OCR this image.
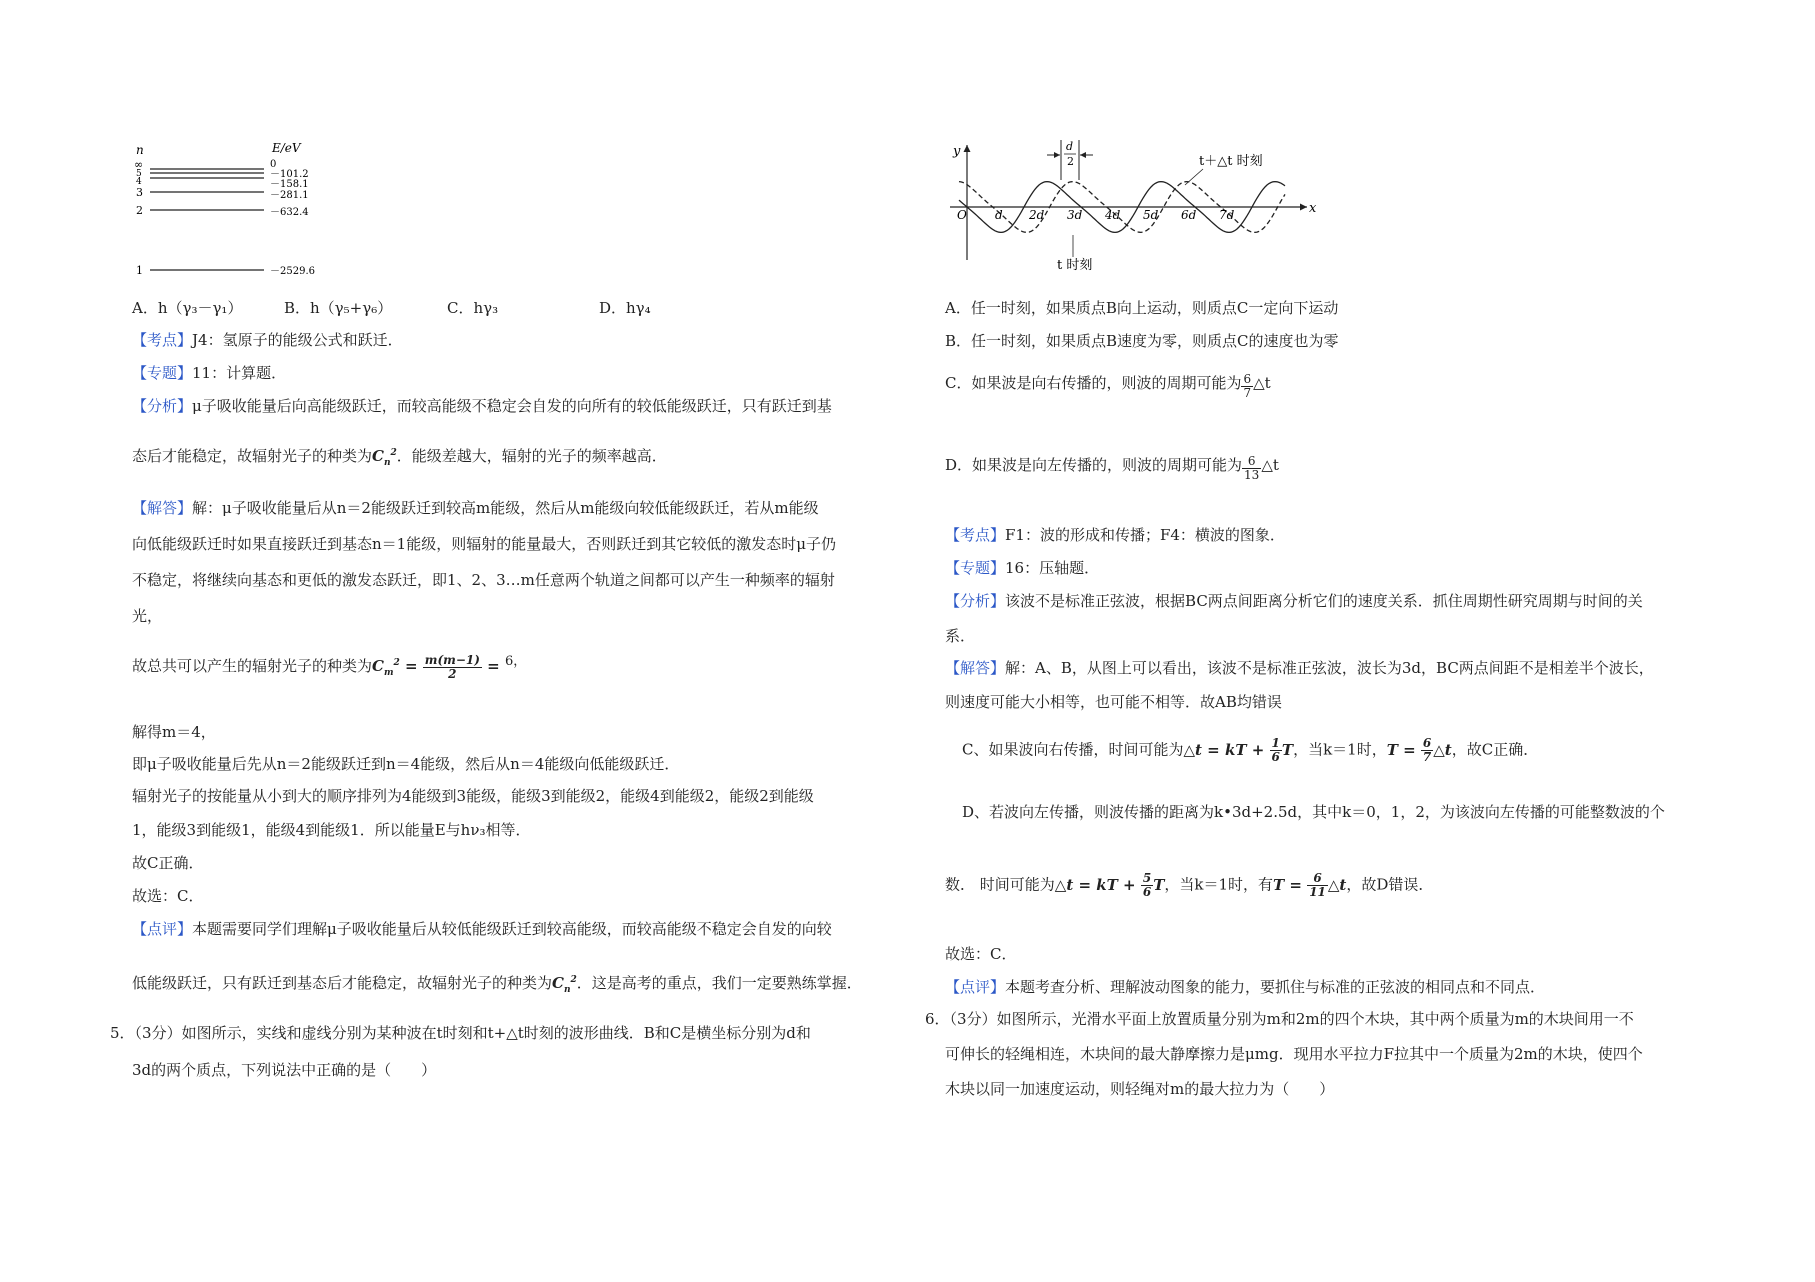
n	E/eV
∞
5
4
3
2
1
0
－101.2
－158.1
－281.1
－632.4
－2529.6
A．h（γ₃－γ₁）	B．h（γ₅+γ₆）	C．hγ₃	D．hγ₄
【考点】J4：氢原子的能级公式和跃迁．
【专题】11：计算题．
【分析】μ子吸收能量后向高能级跃迁，而较高能级不稳定会自发的向所有的较低能级跃迁，只有跃迁到基
态后才能稳定，故辐射光子的种类为$C_n^2$．能级差越大，辐射的光子的频率越高．
【解答】解：μ子吸收能量后从n＝2能级跃迁到较高m能级，然后从m能级向较低能级跃迁，若从m能级
向低能级跃迁时如果直接跃迁到基态n＝1能级，则辐射的能量最大，否则跃迁到其它较低的激发态时μ子仍
不稳定，将继续向基态和更低的激发态跃迁，即1、2、3…m任意两个轨道之间都可以产生一种频率的辐射
光，
故总共可以产生的辐射光子的种类为$C_m^2 = \frac{m(m-1)}{2} = ^{6,}$
解得m＝4，
即μ子吸收能量后先从n＝2能级跃迁到n＝4能级，然后从n＝4能级向低能级跃迁．
辐射光子的按能量从小到大的顺序排列为4能级到3能级，能级3到能级2，能级4到能级2，能级2到能级
1，能级3到能级1，能级4到能级1．所以能量E与hν₃相等．
故C正确．
故选：C．
【点评】本题需要同学们理解μ子吸收能量后从较低能级跃迁到较高能级，而较高能级不稳定会自发的向较
低能级跃迁，只有跃迁到基态后才能稳定，故辐射光子的种类为$C_n^2$．这是高考的重点，我们一定要熟练掌握．
5．（3分）如图所示，实线和虚线分别为某种波在t时刻和t+△t时刻的波形曲线．B和C是横坐标分别为d和
3d的两个质点，下列说法中正确的是（　　）
y
x
O d 2d 3d 4d 5d 6d 7d
d
2	t＋△t 时刻
t 时刻
A．任一时刻，如果质点B向上运动，则质点C一定向下运动
B．任一时刻，如果质点B速度为零，则质点C的速度也为零
C．如果波是向右传播的，则波的周期可能为 $\frac{6}{7}$ △t
D．如果波是向左传播的，则波的周期可能为 $\frac{6}{13}$ △t
【考点】F1：波的形成和传播；F4：横波的图象．
【专题】16：压轴题．
【分析】该波不是标准正弦波，根据BC两点间距离分析它们的速度关系．抓住周期性研究周期与时间的关
系．
【解答】解：A、B，从图上可以看出，该波不是标准正弦波，波长为3d，BC两点间距不是相差半个波长，
则速度可能大小相等，也可能不相等．故AB均错误
C、如果波向右传播，时间可能为△t = kT + $\frac{1}{6}$ T，当k＝1时，$T = \frac{6}{7}$ △t，故C正确．
D、若波向左传播，则波传播的距离为k•3d+2.5d，其中k＝0，1，2，为该波向左传播的可能整数波的个
数． 时间可能为△t = kT + $\frac{5}{6}$ T，当k＝1时，有$T = \frac{6}{11}$ △t，故D错误．
故选：C．
【点评】本题考查分析、理解波动图象的能力，要抓住与标准的正弦波的相同点和不同点．
6．（3分）如图所示，光滑水平面上放置质量分别为m和2m的四个木块，其中两个质量为m的木块间用一不
可伸长的轻绳相连，木块间的最大静摩擦力是μmg．现用水平拉力F拉其中一个质量为2m的木块，使四个
木块以同一加速度运动，则轻绳对m的最大拉力为（　　）
